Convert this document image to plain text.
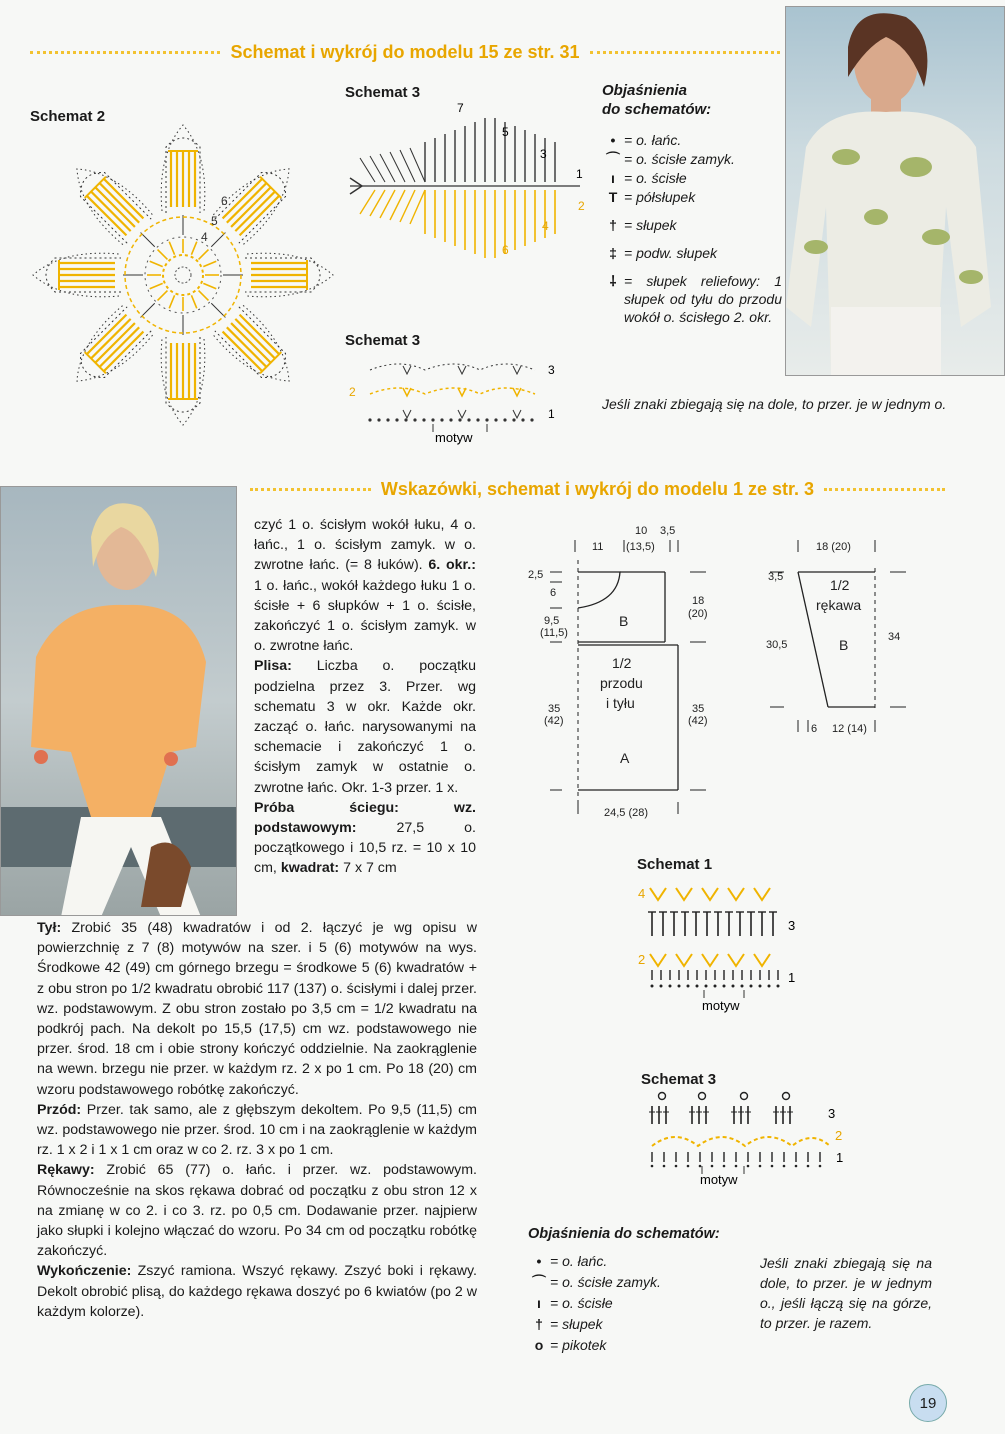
Schemat i wykrój do modelu 15 ze str. 31
Schemat 2
6
5
4
Schemat 3
7
5
3
1
2
4
6
Schemat 3
3
2
1
motyw
Objaśnienia
do schematów:
• = o. łańc.
⌒ = o. ścisłe zamyk.
ı = o. ścisłe
T = półsłupek
† = słupek
‡ = podw. słupek
⸸ = słupek reliefowy: 1 słupek od tyłu do przodu wokół o. ścisłego 2. okr.
Jeśli znaki zbiegają się na dole, to przer. je w jednym o.
Wskazówki, schemat i wykrój do modelu 1 ze str. 3

czyć 1 o. ścisłym wokół łuku, 4 o. łańc., 1 o. ścisłym zamyk. w o. zwrotne łańc. (= 8 łuków). 6. okr.: 1 o. łańc., wokół każdego łuku 1 o. ścisłe + 6 słupków + 1 o. ścisłe, zakończyć 1 o. ścisłym zamyk. w o. zwrotne łańc.

Plisa: Liczba o. początku podzielna przez 3. Przer. wg schematu 3 w okr. Każde okr. zacząć o. łańc. narysowanymi na schemacie i zakończyć 1 o. ścisłym zamyk w ostatnie o. zwrotne łańc. Okr. 1-3 przer. 1 x.

Próba ściegu: wz. podstawowym:	27,5 o. początkowego i 10,5 rz. = 10 x 10 cm, kwadrat: 7 x 7 cm

Tył: Zrobić 35 (48) kwadratów i od 2. łączyć je wg opisu w powierzchnię z 7 (8) motywów na szer. i 5 (6) motywów na wys. Środkowe 42 (49) cm górnego brzegu = środkowe 5 (6) kwadratów + z obu stron po 1/2 kwadratu obrobić 117 (137) o. ścisłymi i dalej przer. wz. podstawowym. Z obu stron zostało po 3,5 cm = 1/2 kwadratu na podkrój pach. Na dekolt po 15,5 (17,5) cm wz. podstawowego nie przer. środ. 18 cm i obie strony kończyć oddzielnie. Na zaokrąglenie na wewn. brzegu nie przer. w każdym rz. 2 x po 1 cm. Po 18 (20) cm wzoru podstawowego robótkę zakończyć.

Przód: Przer. tak samo, ale z głębszym dekoltem. Po 9,5 (11,5) cm wz. podstawowego nie przer. środ. 10 cm i na zaokrąglenie w każdym rz. 1 x 2 i 1 x 1 cm oraz w co 2. rz. 3 x po 1 cm.

Rękawy: Zrobić 65 (77) o. łańc. i przer. wz. podstawowym. Równocześnie na skos rękawa dobrać od początku z obu stron 12 x na zmianę w co 2. i co 3. rz. po 0,5 cm. Dodawanie przer. najpierw jako słupki i kolejno włączać do wzoru. Po 34 cm od początku robótkę zakończyć.

Wykończenie: Zszyć ramiona. Wszyć rękawy. Zszyć boki i rękawy. Dekolt obrobić plisą, do każdego rękawa doszyć po 6 kwiatów (po 2 w każdym kolorze).

10 3,5
11 (13,5)
2,5
6
9,5
(11,5)
18
(20)
35
(42)
35
(42)
24,5 (28)
B
1/2
przodu
i tyłu
A
18 (20)
3,5
30,5
34
6 12 (14)
1/2
rękawa
B
Schemat 1
4
3
2
1
motyw
Schemat 3
3
2
1
motyw
Objaśnienia do schematów:
• = o. łańc.
⌒ = o. ścisłe zamyk.
ı = o. ścisłe
† = słupek
o = pikotek
Jeśli znaki zbiegają się na dole, to przer. je w jednym o., jeśli łączą się na górze, to przer. je razem.
19
